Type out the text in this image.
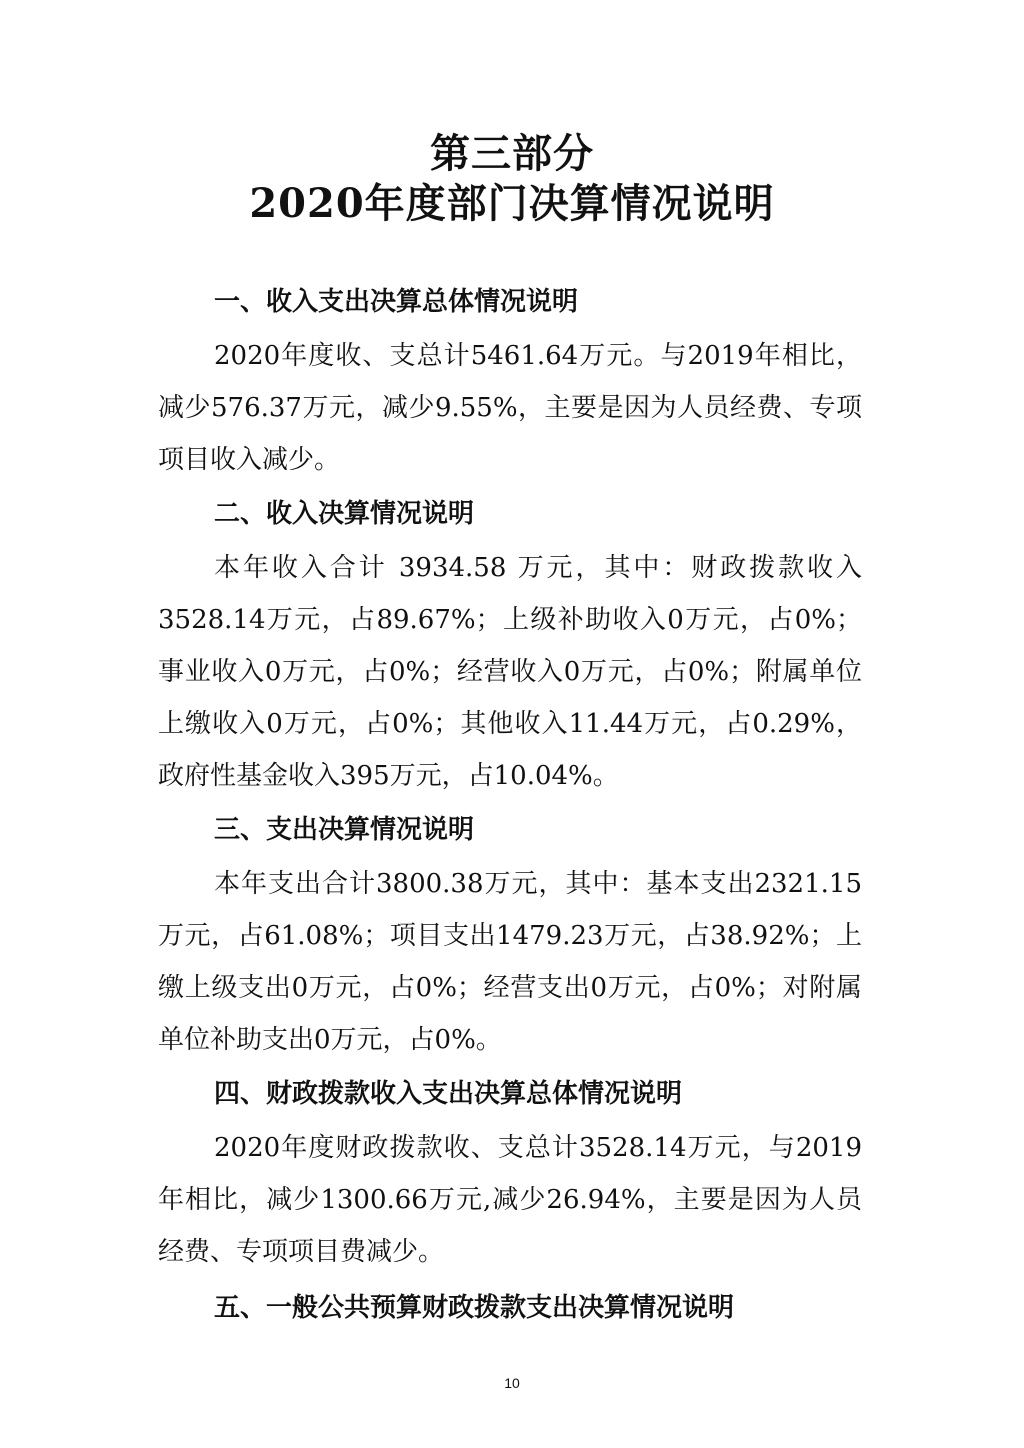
第三部分
2020年度部门决算情况说明
一、收入支出决算总体情况说明

2020年度收、支总计5461.64万元。与2019年相比，减少576.37万元，减少9.55%，主要是因为人员经费、专项项目收入减少。

二、收入决算情况说明

本年收入合计 3934.58 万元，其中：财政拨款收入3528.14万元，占89.67%；上级补助收入0万元，占0%；事业收入0万元，占0%；经营收入0万元，占0%；附属单位上缴收入0万元，占0%；其他收入11.44万元，占0.29%，政府性基金收入395万元，占10.04%。

三、支出决算情况说明

本年支出合计3800.38万元，其中：基本支出2321.15万元，占61.08%；项目支出1479.23万元，占38.92%；上缴上级支出0万元，占0%；经营支出0万元，占0%；对附属单位补助支出0万元，占0%。

四、财政拨款收入支出决算总体情况说明

2020年度财政拨款收、支总计3528.14万元，与2019年相比，减少1300.66万元,减少26.94%，主要是因为人员经费、专项项目费减少。

五、一般公共预算财政拨款支出决算情况说明
10
